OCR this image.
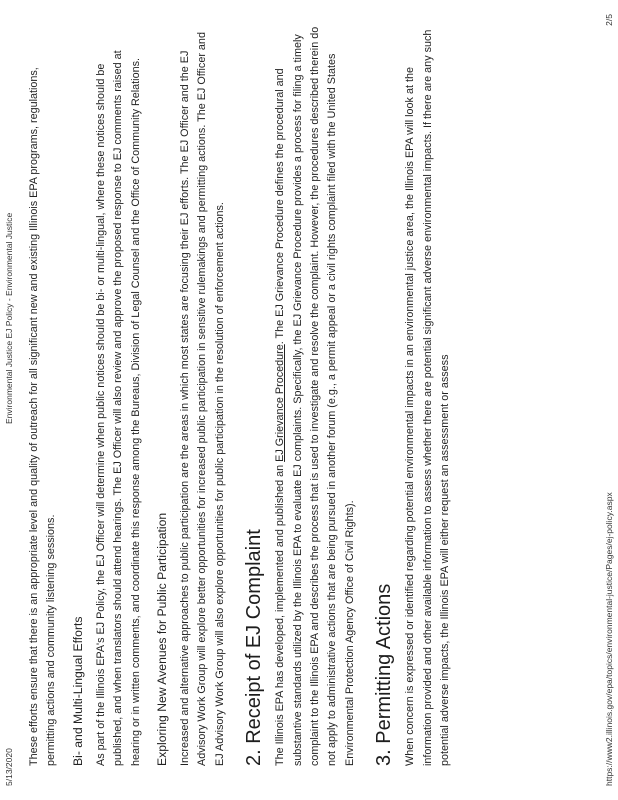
5/13/2020
Environmental Justice EJ Policy - Environmental Justice These efforts ensure that there is an appropriate level and quality of outreach for all significant new and existing Illinois EPA programs, regulations, permitting actions and community listening sessions. Bi- and Multi-Lingual Efforts As part of the Illinois EPA's EJ Policy, the EJ Officer will determine when public notices should be bi- or multi-lingual, where these notices should be published, and when translators should attend hearings. The EJ Officer will also review and approve the proposed response to EJ comments raised at hearing or in written comments, and coordinate this response among the Bureaus, Division of Legal Counsel and the Office of Community Relations. Exploring New Avenues for Public Participation Increased and alternative approaches to public participation are the areas in which most states are focusing their EJ efforts. The EJ Officer and the EJ Advisory Work Group will explore better opportunities for increased public participation in sensitive rulemakings and permitting actions. The EJ Officer and EJ Advisory Work Group will also explore opportunities for public participation in the resolution of enforcement actions. 2. Receipt of EJ Complaint The Illinois EPA has developed, implemented and published an EJ Grievance Procedure. The EJ Grievance Procedure defines the procedural and substantive standards utilized by the Illinois EPA to evaluate EJ complaints. Specifically, the EJ Grievance Procedure provides a process for filing a timely complaint to the Illinois EPA and describes the process that is used to investigate and resolve the complaint. However, the procedures described therein do not apply to administrative actions that are being pursued in another forum (e.g., a permit appeal or a civil rights complaint filed with the United States Environmental Protection Agency Office of Civil Rights). 3. Permitting Actions When concern is expressed or identified regarding potential environmental impacts in an environmental justice area, the Illinois EPA will look at the information provided and other available information to assess whether there are potential significant adverse environmental impacts. If there are any such potential adverse impacts, the Illinois EPA will either request an assessment or assess	https://www2.illinois.gov/epa/topics/environmental-justice/Pages/ej-policy.aspx
2/5
